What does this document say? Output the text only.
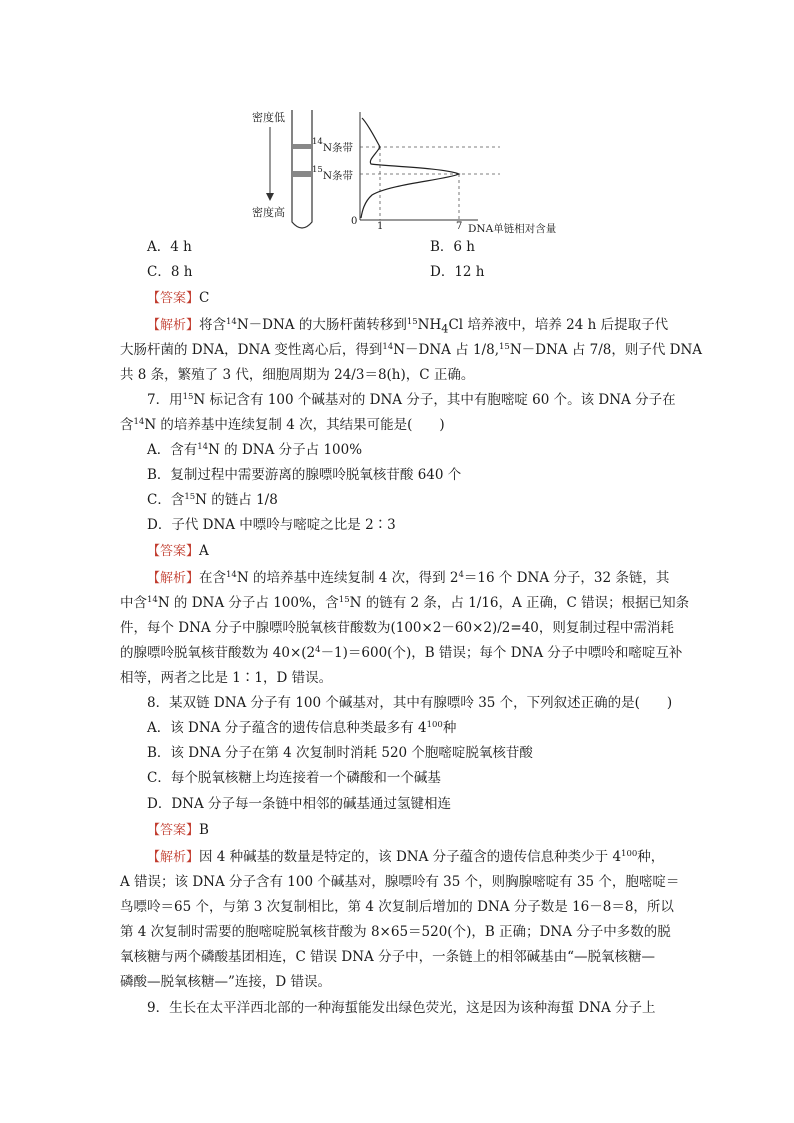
密度低
密度高
$^{14}$N条带
$^{15}$N条带
0 1	7 DNA单链相对含量
A．4 h	B．6 h
C．8 h	D．12 h
【答案】C
【解析】将含$^{14}$N－DNA 的大肠杆菌转移到$^{15}NH_4Cl$ 培养液中，培养 24 h 后提取子代
大肠杆菌的 DNA，DNA 变性离心后，得到$^{14}$N－DNA 占 1/8,15N－DNA 占 7/8，则子代 DNA
共 8 条，繁殖了 3 代，细胞周期为 24/3＝8(h)，C 正确。
7．用$^{15}$N 标记含有 100 个碱基对的 DNA 分子，其中有胞嘧啶 60 个。该 DNA 分子在
含$^{14}$N 的培养基中连续复制 4 次，其结果可能是(　　)
A．含有$^{14}$N 的 DNA 分子占 100%
B．复制过程中需要游离的腺嘌呤脱氧核苷酸 640 个
C．含$^{15}$N 的链占 1/8
D．子代 DNA 中嘌呤与嘧啶之比是 2∶3
【答案】A
【解析】在含$^{14}$N 的培养基中连续复制 4 次，得到 $2^4=16$ 个 DNA 分子，32 条链，其
中含$^{14}$N 的 DNA 分子占 100%，含$^{15}$N 的链有 2 条，占 1/16，A 正确，C 错误；根据已知条
件，每个 DNA 分子中腺嘌呤脱氧核苷酸数为(100×2－60×2)/2=40，则复制过程中需消耗
的腺嘌呤脱氧核苷酸数为 $40\times(2^4-1)=600$(个)，B 错误；每个 DNA 分子中嘌呤和嘧啶互补
相等，两者之比是 1∶1，D 错误。
8．某双链 DNA 分子有 100 个碱基对，其中有腺嘌呤 35 个，下列叙述正确的是(　　)
A．该 DNA 分子蕴含的遗传信息种类最多有 $4^{100}$种
B．该 DNA 分子在第 4 次复制时消耗 520 个胞嘧啶脱氧核苷酸
C．每个脱氧核糖上均连接着一个磷酸和一个碱基
D．DNA 分子每一条链中相邻的碱基通过氢键相连
【答案】B
【解析】因 4 种碱基的数量是特定的，该 DNA 分子蕴含的遗传信息种类少于 $4^{100}$种，
A 错误；该 DNA 分子含有 100 个碱基对，腺嘌呤有 35 个，则胸腺嘧啶有 35 个，胞嘧啶＝
鸟嘌呤＝65 个，与第 3 次复制相比，第 4 次复制后增加的 DNA 分子数是 16－8＝8，所以
第 4 次复制时需要的胞嘧啶脱氧核苷酸为 8×65＝520(个)，B 正确；DNA 分子中多数的脱
氧核糖与两个磷酸基团相连，C 错误 DNA 分子中，一条链上的相邻碱基由“—脱氧核糖—
磷酸—脱氧核糖—”连接，D 错误。
9．生长在太平洋西北部的一种海蜇能发出绿色荧光，这是因为该种海蜇 DNA 分子上
